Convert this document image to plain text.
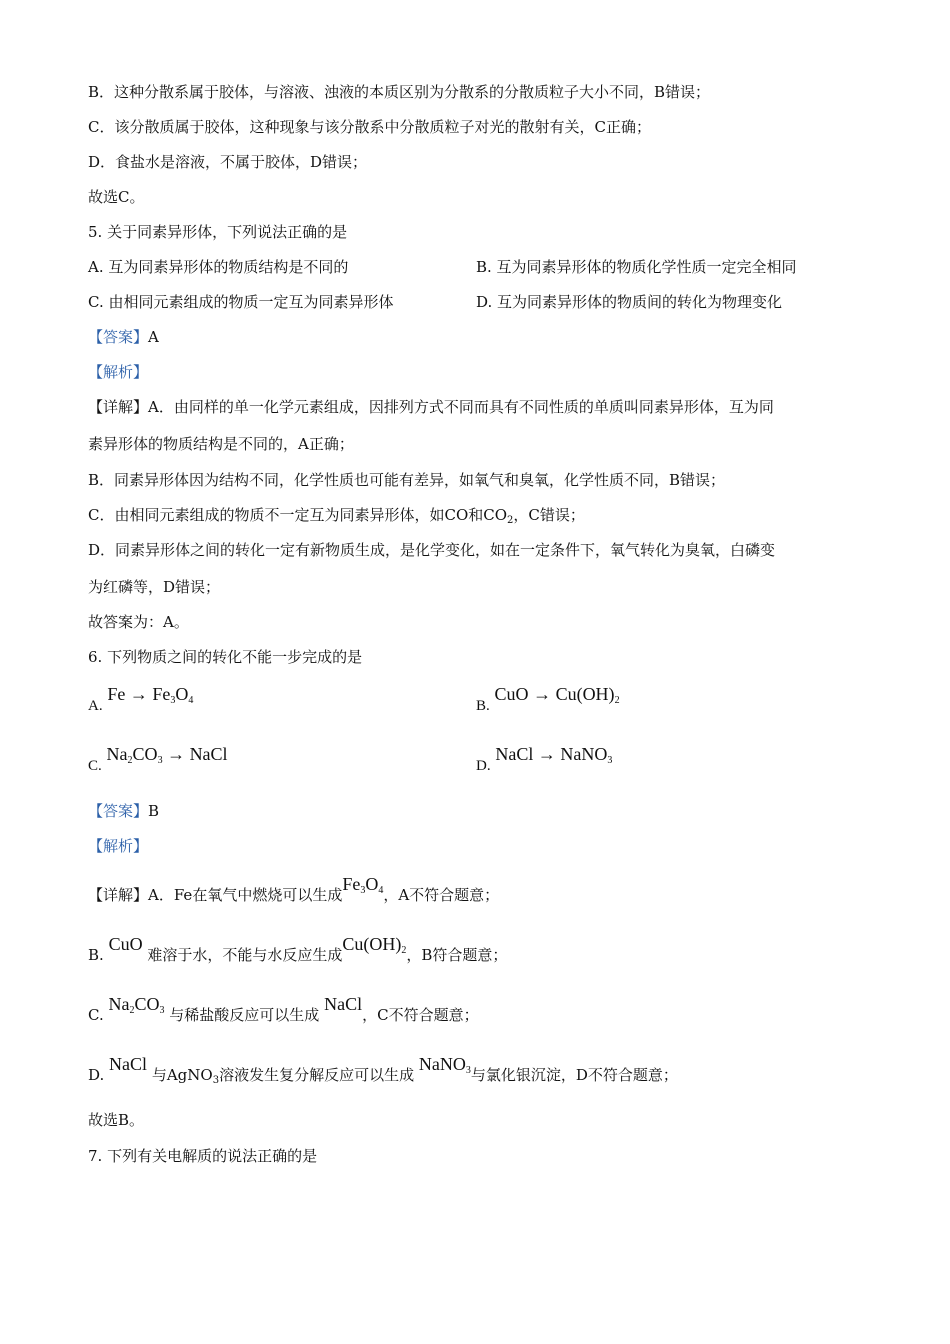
B．这种分散系属于胶体，与溶液、浊液的本质区别为分散系的分散质粒子大小不同，B错误；
C．该分散质属于胶体，这种现象与该分散系中分散质粒子对光的散射有关，C正确；
D．食盐水是溶液，不属于胶体，D错误；
故选C。
5. 关于同素异形体，下列说法正确的是
A. 互为同素异形体的物质结构是不同的	B. 互为同素异形体的物质化学性质一定完全相同
C. 由相同元素组成的物质一定互为同素异形体	D. 互为同素异形体的物质间的转化为物理变化
【答案】A
【解析】
【详解】A．由同样的单一化学元素组成，因排列方式不同而具有不同性质的单质叫同素异形体，互为同
素异形体的物质结构是不同的，A正确；
B．同素异形体因为结构不同，化学性质也可能有差异，如氧气和臭氧，化学性质不同，B错误；
C．由相同元素组成的物质不一定互为同素异形体，如CO和$CO_2$，C错误；
D．同素异形体之间的转化一定有新物质生成，是化学变化，如在一定条件下，氧气转化为臭氧，白磷变
为红磷等，D错误；
故答案为：A。
6. 下列物质之间的转化不能一步完成的是
A. $Fe \to Fe_3O_4$	B. CuO → $Cu(OH)_2$
C. $Na_2CO_3$ → NaCl
D. NaCl → NaNO$_3$
【答案】B
【解析】
【详解】A．Fe在氧气中燃烧可以生成$Fe_3O_4$，A不符合题意；
B. CuO 难溶于水，不能与水反应生成$Cu(OH)_2$，B符合题意；
C. $Na_2CO_3$ 与稀盐酸反应可以生成 NaCl，C不符合题意；
D. NaCl 与AgNO$_3$溶液发生复分解反应可以生成 NaNO$_3$与氯化银沉淀，D不符合题意；
故选B。
7. 下列有关电解质的说法正确的是
